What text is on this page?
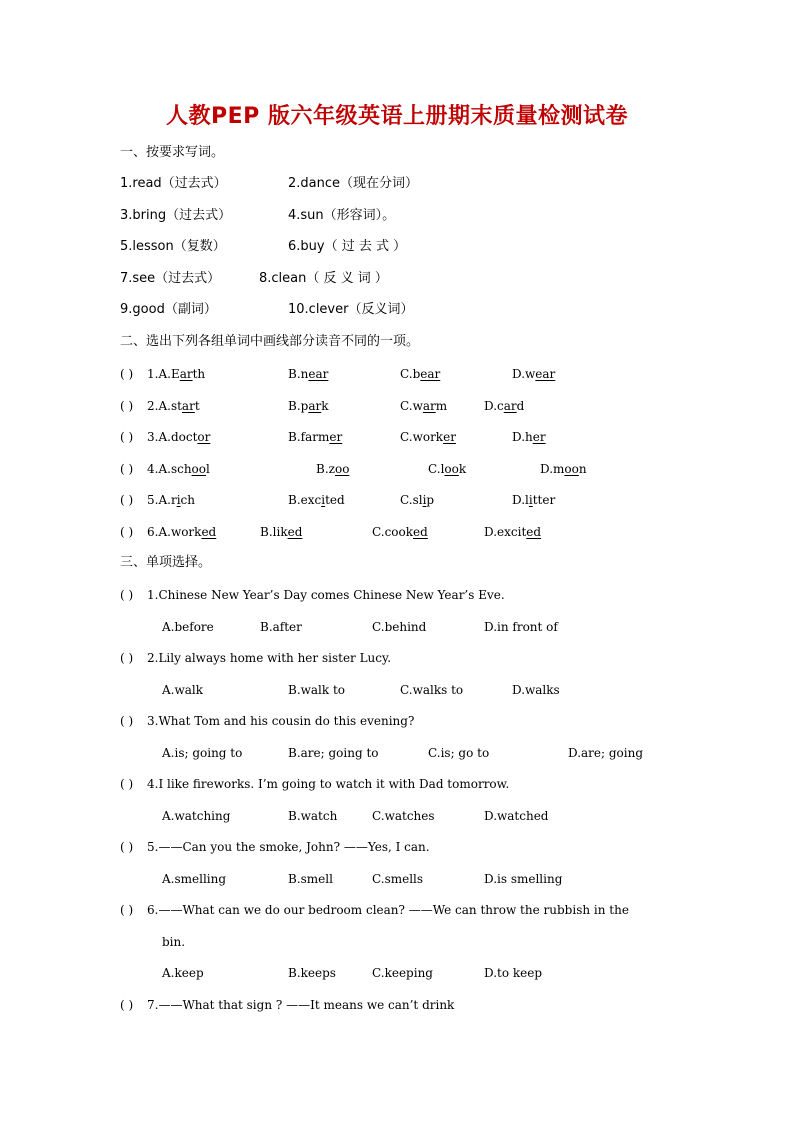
人教PEP 版六年级英语上册期末质量检测试卷
一、按要求写词。
1.read（过去式）	2.dance（现在分词）
3.bring（过去式）	4.sun（形容词）。
5.lesson（复数）	6.buy（ 过 去 式 ）
7.see（过去式）	8.clean（ 反 义 词 ）
9.good（副词）	10.clever（反义词）
二、选出下列各组单词中画线部分读音不同的一项。
( ) 1.A.Earth	B.near	C.bear	D.wear
( ) 2.A.start	B.park	C.warm	D.card
( ) 3.A.doctor	B.farmer	C.worker	D.her
( ) 4.A.school	B.zoo	C.look	D.moon
( ) 5.A.rich	B.excited	C.slip	D.litter
( ) 6.A.worked	B.liked	C.cooked	D.excited
三、单项选择。
( ) 1.Chinese New Year’s Day comes Chinese New Year’s Eve.
A.before	B.after	C.behind	D.in front of
( ) 2.Lily always home with her sister Lucy.
A.walk	B.walk to	C.walks to	D.walks
( ) 3.What Tom and his cousin do this evening?
A.is; going to	B.are; going to	C.is; go to	D.are; going
( ) 4.I like fireworks. I’m going to watch it with Dad tomorrow.
A.watching	B.watch	C.watches	D.watched
( ) 5.——Can you the smoke, John? ——Yes, I can.
A.smelling	B.smell	C.smells	D.is smelling
( ) 6.——What can we do our bedroom clean? ——We can throw the rubbish in the
bin.
A.keep	B.keeps	C.keeping	D.to keep
( ) 7.——What that sign ? ——It means we can’t drink
